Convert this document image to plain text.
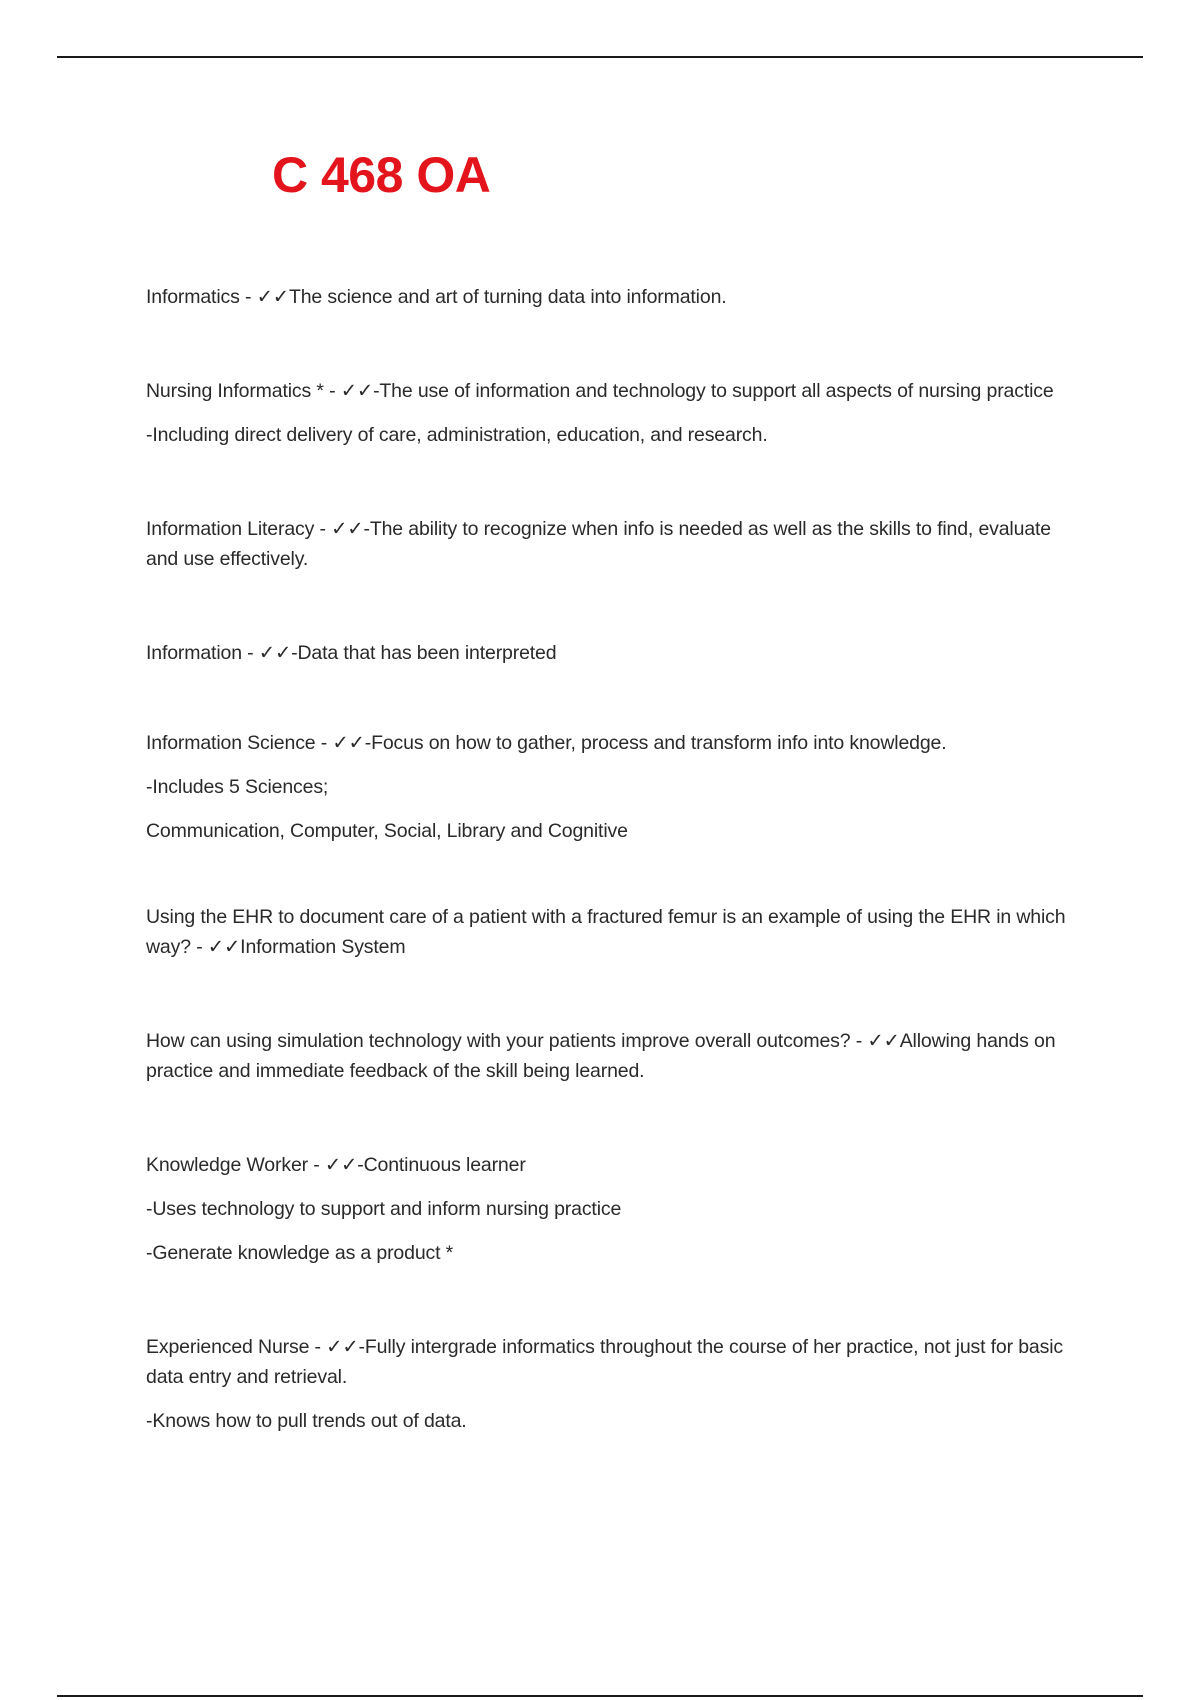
C 468 OA

Informatics - ✓✓The science and art of turning data into information.

Nursing Informatics * - ✓✓-The use of information and technology to support all aspects of nursing practice

-Including direct delivery of care, administration, education, and research.

Information Literacy - ✓✓-The ability to recognize when info is needed as well as the skills to find, evaluate and use effectively.

Information - ✓✓-Data that has been interpreted

Information Science - ✓✓-Focus on how to gather, process and transform info into knowledge.

-Includes 5 Sciences;

Communication, Computer, Social, Library and Cognitive

Using the EHR to document care of a patient with a fractured femur is an example of using the EHR in which way? - ✓✓Information System

How can using simulation technology with your patients improve overall outcomes? - ✓✓Allowing hands on practice and immediate feedback of the skill being learned.

Knowledge Worker - ✓✓-Continuous learner

-Uses technology to support and inform nursing practice

-Generate knowledge as a product *

Experienced Nurse - ✓✓-Fully intergrade informatics throughout the course of her practice, not just for basic data entry and retrieval.

-Knows how to pull trends out of data.
